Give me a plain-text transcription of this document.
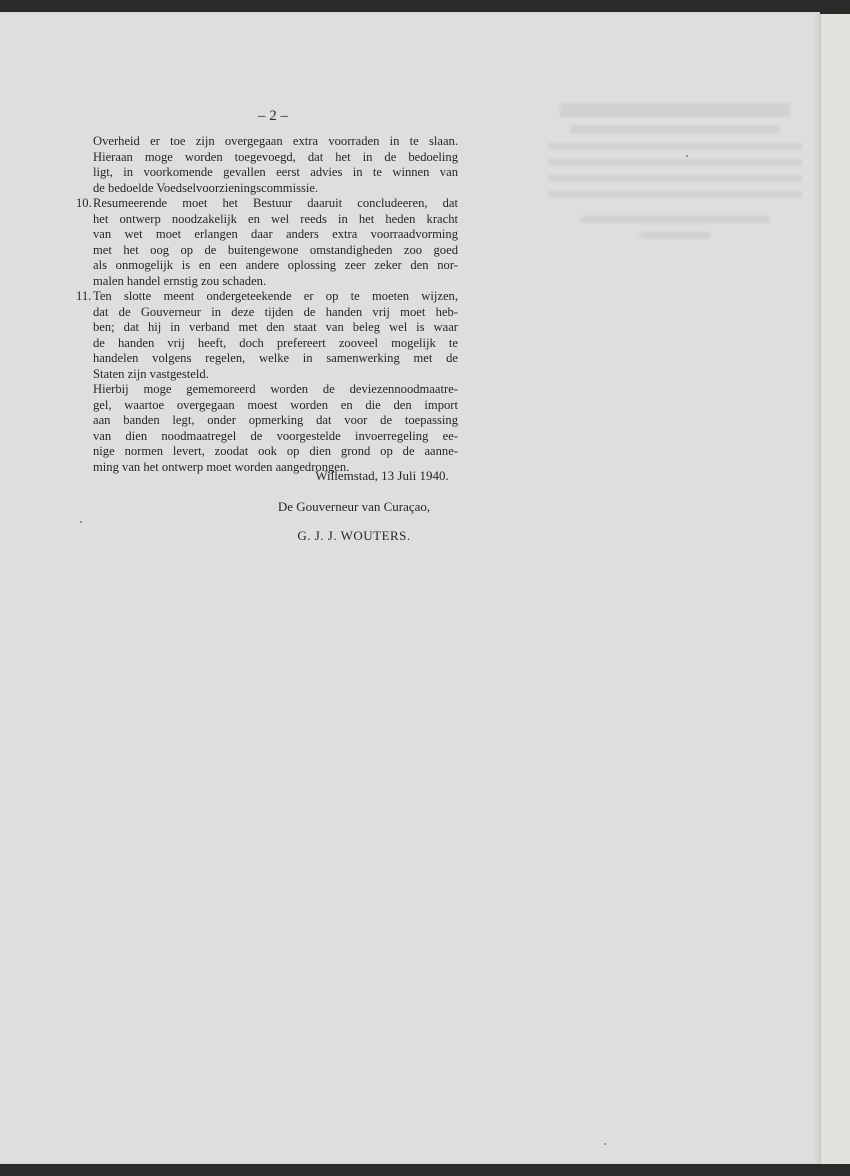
– 2 –
Overheid er toe zijn overgegaan extra voorraden in te slaan.
Hieraan moge worden toegevoegd, dat het in de bedoeling
ligt, in voorkomende gevallen eerst advies in te winnen van
de bedoelde Voedselvoorzieningscommissie.
10. Resumeerende moet het Bestuur daaruit concludeeren, dat
het ontwerp noodzakelijk en wel reeds in het heden kracht
van wet moet erlangen daar anders extra voorraadvorming
met het oog op de buitengewone omstandigheden zoo goed
als onmogelijk is en een andere oplossing zeer zeker den nor-
malen handel ernstig zou schaden.
11. Ten slotte meent ondergeteekende er op te moeten wijzen,
dat de Gouverneur in deze tijden de handen vrij moet heb-
ben; dat hij in verband met den staat van beleg wel is waar
de handen vrij heeft, doch prefereert zooveel mogelijk te
handelen volgens regelen, welke in samenwerking met de
Staten zijn vastgesteld.
Hierbij moge gememoreerd worden de deviezennoodmaatre-
gel, waartoe overgegaan moest worden en die den import
aan banden legt, onder opmerking dat voor de toepassing
van dien noodmaatregel de voorgestelde invoerregeling ee-
nige normen levert, zoodat ook op dien grond op de aanne-
ming van het ontwerp moet worden aangedrongen.
Willemstad, 13 Juli 1940.
De Gouverneur van Curaçao,
G. J. J. WOUTERS.
